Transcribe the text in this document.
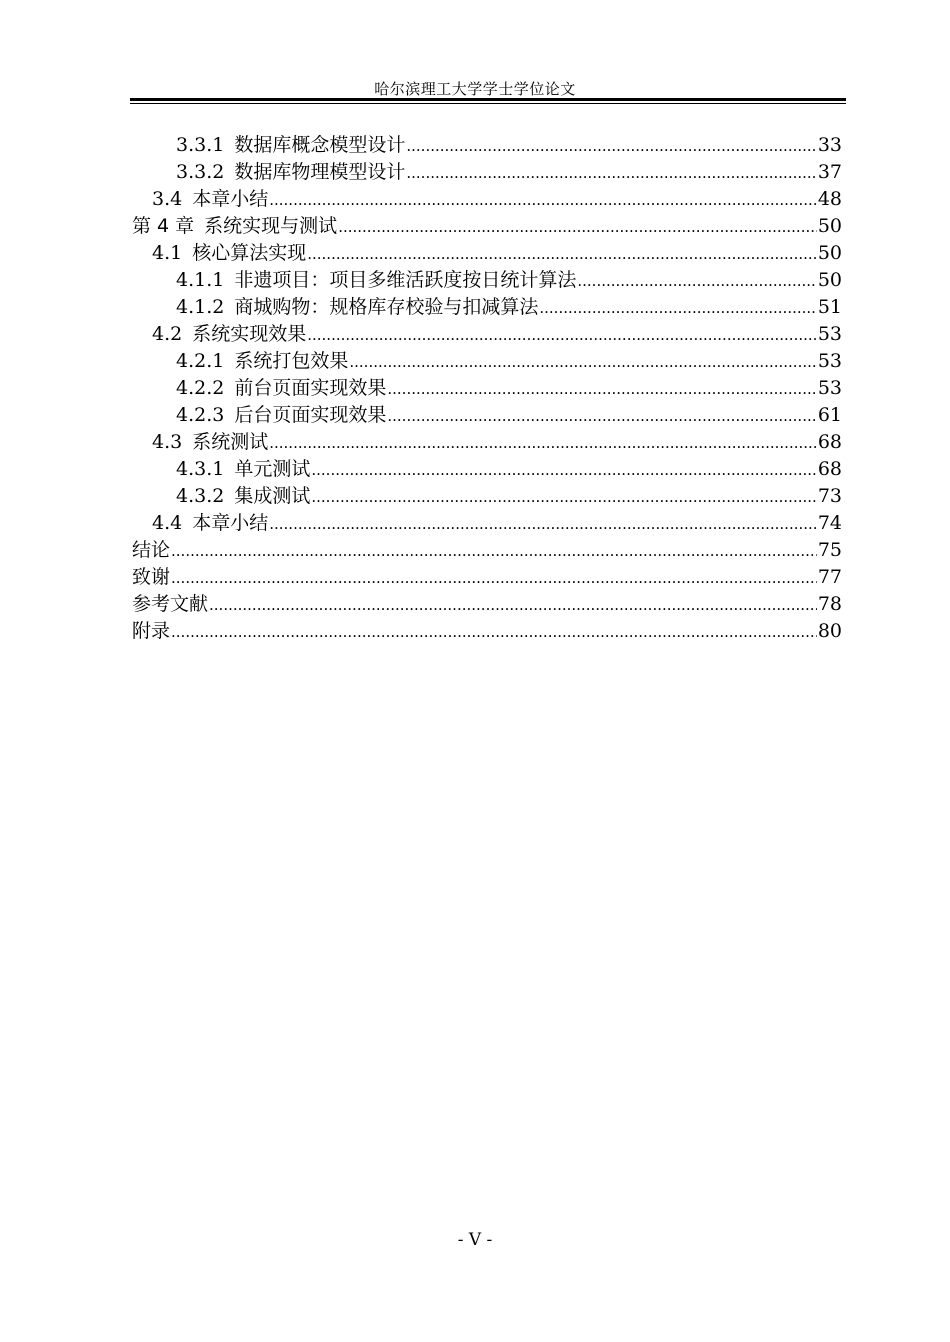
哈尔滨理工大学学士学位论文
3.3.1 数据库概念模型设计 .....	33
3.3.2 数据库物理模型设计 .....	37
3.4 本章小结 .....	48
第 4 章 系统实现与测试 .....	50
4.1 核心算法实现 .....	50
4.1.1 非遗项目：项目多维活跃度按日统计算法 .....	50
4.1.2 商城购物：规格库存校验与扣减算法 .....	51
4.2 系统实现效果 .....	53
4.2.1 系统打包效果 .....	53
4.2.2 前台页面实现效果 .....	53
4.2.3 后台页面实现效果 .....	61
4.3 系统测试 .....	68
4.3.1 单元测试 .....	68
4.3.2 集成测试 .....	73
4.4 本章小结 .....	74
结论 .....	75
致谢 .....	77
参考文献 .....	78
附录 .....	80
- V -
